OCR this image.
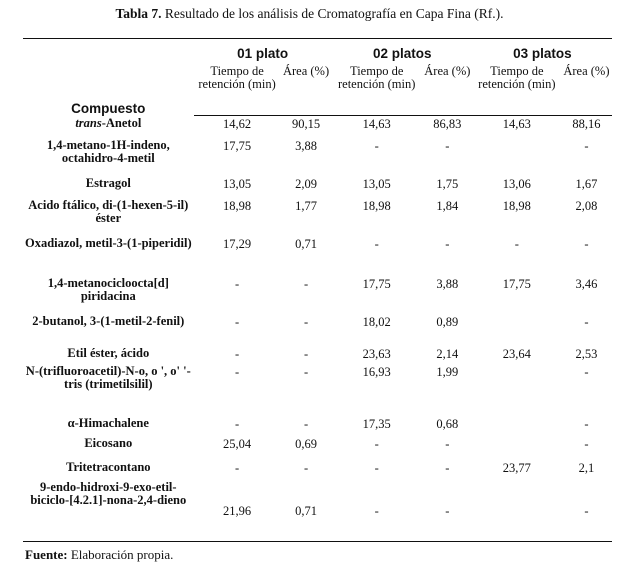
Tabla 7. Resultado de los análisis de Cromatografía en Capa Fina (Rf.).
Compuesto	01 plato		02 platos		03 platos	
	Tiempo de retención (min)	Área (%)	Tiempo de retención (min)	Área (%)	Tiempo de retención (min)	Área (%)
trans-Anetol	14,62	90,15	14,63	86,83	14,63	88,16
1,4-metano-1H-indeno, octahidro-4-metil	17,75	3,88	-	-		-
Estragol	13,05	2,09	13,05	1,75	13,06	1,67
Acido ftálico, di-(1-hexen-5-il) éster	18,98	1,77	18,98	1,84	18,98	2,08
Oxadiazol, metil-3-(1-piperidil)	17,29	0,71	-	-	-	-
1,4-metanociclooctа[d] piridacina	-	-	17,75	3,88	17,75	3,46
2-butanol, 3-(1-metil-2-fenil)	-	-	18,02	0,89		-
Etil éster, ácido	-	-	23,63	2,14	23,64	2,53
N-(trifluoroacetil)-N-o, o ', o' '- tris (trimetilsilil)	-	-	16,93	1,99		-
α-Himachalene	-	-	17,35	0,68		-
Eicosano	25,04	0,69	-	-		-
Tritetracontano	-	-	-	-	23,77	2,1
9-endo-hidroxi-9-exo-etil-biciclo-[4.2.1]-nona-2,4-dieno	21,96	0,71	-	-		-
Fuente: Elaboración propia.
